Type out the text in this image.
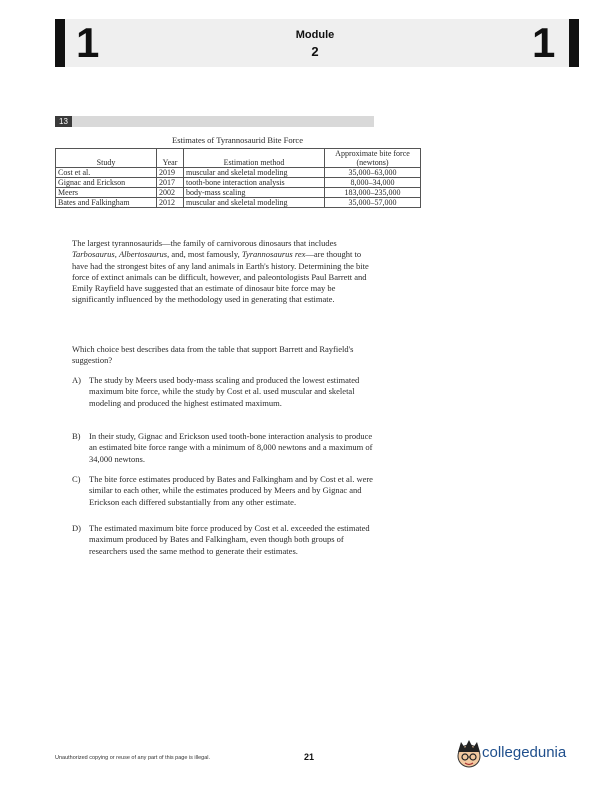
1	Module
2	1
13
Estimates of Tyrannosaurid Bite Force
Study	Year	Estimation method	Approximate bite force (newtons)
Cost et al.	2019	muscular and skeletal modeling	35,000–63,000
Gignac and Erickson	2017	tooth-bone interaction analysis	8,000–34,000
Meers	2002	body-mass scaling	183,000–235,000
Bates and Falkingham	2012	muscular and skeletal modeling	35,000–57,000

The largest tyrannosaurids—the family of carnivorous dinosaurs that includes Tarbosaurus, Albertosaurus, and, most famously, Tyrannosaurus rex—are thought to have had the strongest bites of any land animals in Earth's history. Determining the bite force of extinct animals can be difficult, however, and paleontologists Paul Barrett and Emily Rayfield have suggested that an estimate of dinosaur bite force may be significantly influenced by the methodology used in generating that estimate.

Which choice best describes data from the table that support Barrett and Rayfield's suggestion?
A) The study by Meers used body-mass scaling and produced the lowest estimated maximum bite force, while the study by Cost et al. used muscular and skeletal modeling and produced the highest estimated maximum.
B) In their study, Gignac and Erickson used tooth-bone interaction analysis to produce an estimated bite force range with a minimum of 8,000 newtons and a maximum of 34,000 newtons.
C) The bite force estimates produced by Bates and Falkingham and by Cost et al. were similar to each other, while the estimates produced by Meers and by Gignac and Erickson each differed substantially from any other estimate.
D) The estimated maximum bite force produced by Cost et al. exceeded the estimated maximum produced by Bates and Falkingham, even though both groups of researchers used the same method to generate their estimates.
Unauthorized copying or reuse of any part of this page is illegal.	21	collegedunia
